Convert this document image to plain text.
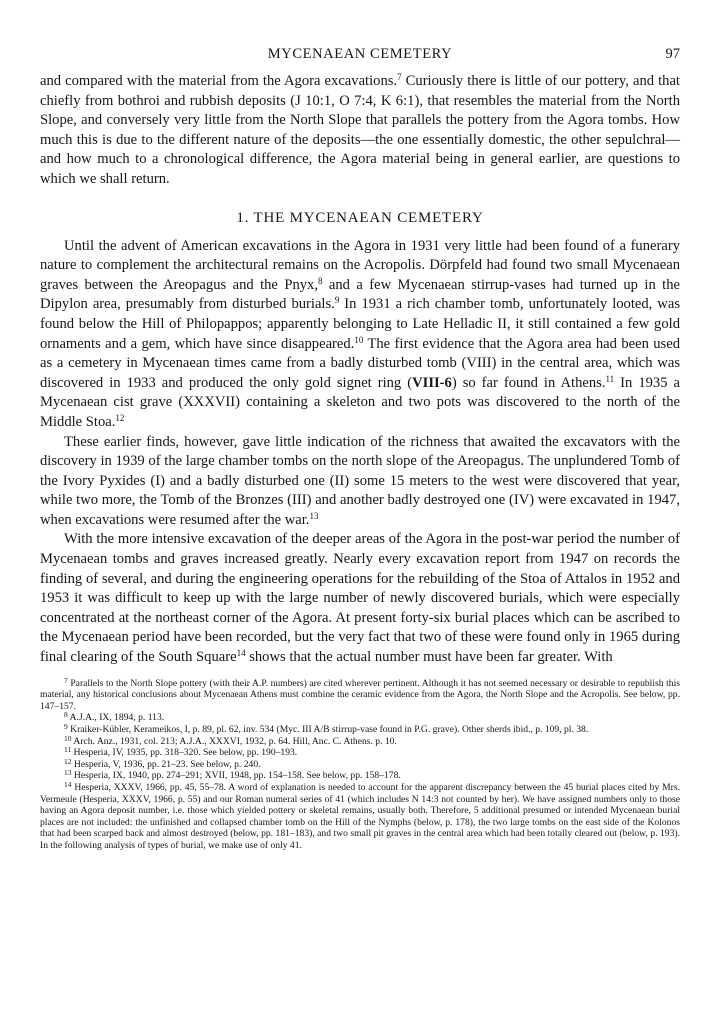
MYCENAEAN CEMETERY	97

and compared with the material from the Agora excavations.$^7$ Curiously there is little of our pottery, and that chiefly from bothroi and rubbish deposits (J 10:1, O 7:4, K 6:1), that resembles the material from the North Slope, and conversely very little from the North Slope that parallels the pottery from the Agora tombs. How much this is due to the different nature of the deposits—the one essentially domestic, the other sepulchral—and how much to a chronological difference, the Agora material being in general earlier, are questions to which we shall return.

1. THE MYCENAEAN CEMETERY

Until the advent of American excavations in the Agora in 1931 very little had been found of a funerary nature to complement the architectural remains on the Acropolis. Dörpfeld had found two small Mycenaean graves between the Areopagus and the Pnyx,$^8$ and a few Mycenaean stirrup-vases had turned up in the Dipylon area, presumably from disturbed burials.$^9$ In 1931 a rich chamber tomb, unfortunately looted, was found below the Hill of Philopappos; apparently belonging to Late Helladic II, it still contained a few gold ornaments and a gem, which have since disappeared.$^{10}$ The first evidence that the Agora area had been used as a cemetery in Mycenaean times came from a badly disturbed tomb (VIII) in the central area, which was discovered in 1933 and produced the only gold signet ring (VIII-6) so far found in Athens.$^{11}$ In 1935 a Mycenaean cist grave (XXXVII) containing a skeleton and two pots was discovered to the north of the Middle Stoa.$^{12}$

These earlier finds, however, gave little indication of the richness that awaited the excavators with the discovery in 1939 of the large chamber tombs on the north slope of the Areopagus. The unplundered Tomb of the Ivory Pyxides (I) and a badly disturbed one (II) some 15 meters to the west were discovered that year, while two more, the Tomb of the Bronzes (III) and another badly destroyed one (IV) were excavated in 1947, when excavations were resumed after the war.$^{13}$

With the more intensive excavation of the deeper areas of the Agora in the post-war period the number of Mycenaean tombs and graves increased greatly. Nearly every excavation report from 1947 on records the finding of several, and during the engineering operations for the rebuilding of the Stoa of Attalos in 1952 and 1953 it was difficult to keep up with the large number of newly discovered burials, which were especially concentrated at the northeast corner of the Agora. At present forty-six burial places which can be ascribed to the Mycenaean period have been recorded, but the very fact that two of these were found only in 1965 during final clearing of the South Square$^{14}$ shows that the actual number must have been far greater. With

$^7$ Parallels to the North Slope pottery (with their A.P. numbers) are cited wherever pertinent. Although it has not seemed necessary or desirable to republish this material, any historical conclusions about Mycenaean Athens must combine the ceramic evidence from the Agora, the North Slope and the Acropolis. See below, pp. 147–157.

$^8$ A.J.A., IX, 1894, p. 113.

$^9$ Kraiker-Kübler, Kerameikos, I, p. 89, pl. 62, inv. 534 (Myc. III A/B stirrup-vase found in P.G. grave). Other sherds ibid., p. 109, pl. 38.

$^{10}$ Arch. Anz., 1931, col. 213; A.J.A., XXXVI, 1932, p. 64. Hill, Anc. C. Athens. p. 10.

$^{11}$ Hesperia, IV, 1935, pp. 318–320. See below, pp. 190–193.

$^{12}$ Hesperia, V, 1936, pp. 21–23. See below, p. 240.

$^{13}$ Hesperia, IX, 1940, pp. 274–291; XVII, 1948, pp. 154–158. See below, pp. 158–178.

$^{14}$ Hesperia, XXXV, 1966, pp. 45, 55–78. A word of explanation is needed to account for the apparent discrepancy between the 45 burial places cited by Mrs. Vermeule (Hesperia, XXXV, 1966, p. 55) and our Roman numeral series of 41 (which includes N 14:3 not counted by her). We have assigned numbers only to those having an Agora deposit number, i.e. those which yielded pottery or skeletal remains, usually both. Therefore, 5 additional presumed or intended Mycenaean burial places are not included: the unfinished and collapsed chamber tomb on the Hill of the Nymphs (below, p. 178), the two large tombs on the east side of the Kolonos that had been scarped back and almost destroyed (below, pp. 181–183), and two small pit graves in the central area which had been totally cleared out (below, p. 193). In the following analysis of types of burial, we make use of only 41.
